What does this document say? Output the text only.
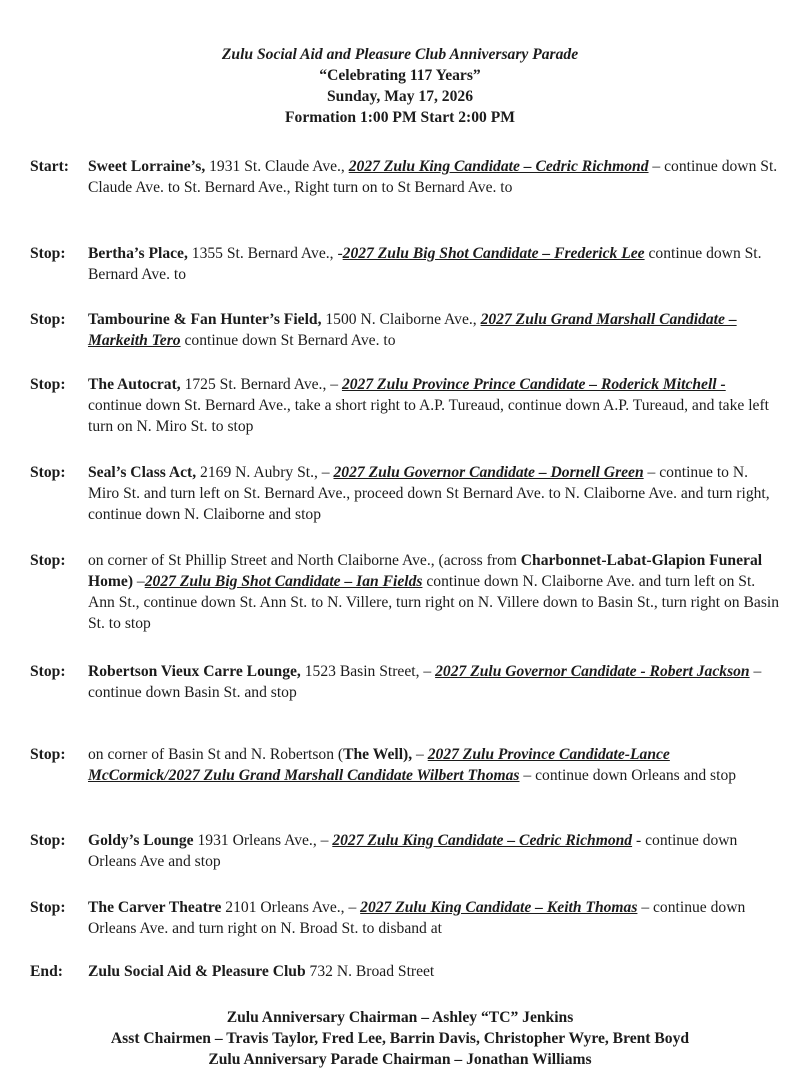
Zulu Social Aid and Pleasure Club Anniversary Parade
“Celebrating 117 Years”
Sunday, May 17, 2026
Formation 1:00 PM Start 2:00 PM
Start: Sweet Lorraine’s, 1931 St. Claude Ave., 2027 Zulu King Candidate – Cedric Richmond – continue down St. Claude Ave. to St. Bernard Ave., Right turn on to St Bernard Ave. to
Stop: Bertha’s Place, 1355 St. Bernard Ave., -2027 Zulu Big Shot Candidate – Frederick Lee continue down St. Bernard Ave. to
Stop: Tambourine & Fan Hunter’s Field, 1500 N. Claiborne Ave., 2027 Zulu Grand Marshall Candidate – Markeith Tero continue down St Bernard Ave. to
Stop: The Autocrat, 1725 St. Bernard Ave., – 2027 Zulu Province Prince Candidate – Roderick Mitchell - continue down St. Bernard Ave., take a short right to A.P. Tureaud, continue down A.P. Tureaud, and take left turn on N. Miro St. to stop
Stop: Seal’s Class Act, 2169 N. Aubry St., – 2027 Zulu Governor Candidate – Dornell Green – continue to N. Miro St. and turn left on St. Bernard Ave., proceed down St Bernard Ave. to N. Claiborne Ave. and turn right, continue down N. Claiborne and stop
Stop: on corner of St Phillip Street and North Claiborne Ave., (across from Charbonnet-Labat-Glapion Funeral Home) –2027 Zulu Big Shot Candidate – Ian Fields continue down N. Claiborne Ave. and turn left on St. Ann St., continue down St. Ann St. to N. Villere, turn right on N. Villere down to Basin St., turn right on Basin St. to stop
Stop: Robertson Vieux Carre Lounge, 1523 Basin Street, – 2027 Zulu Governor Candidate - Robert Jackson – continue down Basin St. and stop
Stop: on corner of Basin St and N. Robertson (The Well), – 2027 Zulu Province Candidate-Lance McCormick/2027 Zulu Grand Marshall Candidate Wilbert Thomas – continue down Orleans and stop
Stop: Goldy’s Lounge 1931 Orleans Ave., – 2027 Zulu King Candidate – Cedric Richmond - continue down Orleans Ave and stop
Stop: The Carver Theatre 2101 Orleans Ave., – 2027 Zulu King Candidate – Keith Thomas – continue down Orleans Ave. and turn right on N. Broad St. to disband at
End: Zulu Social Aid & Pleasure Club 732 N. Broad Street
Zulu Anniversary Chairman – Ashley “TC” Jenkins
Asst Chairmen – Travis Taylor, Fred Lee, Barrin Davis, Christopher Wyre, Brent Boyd
Zulu Anniversary Parade Chairman – Jonathan Williams
